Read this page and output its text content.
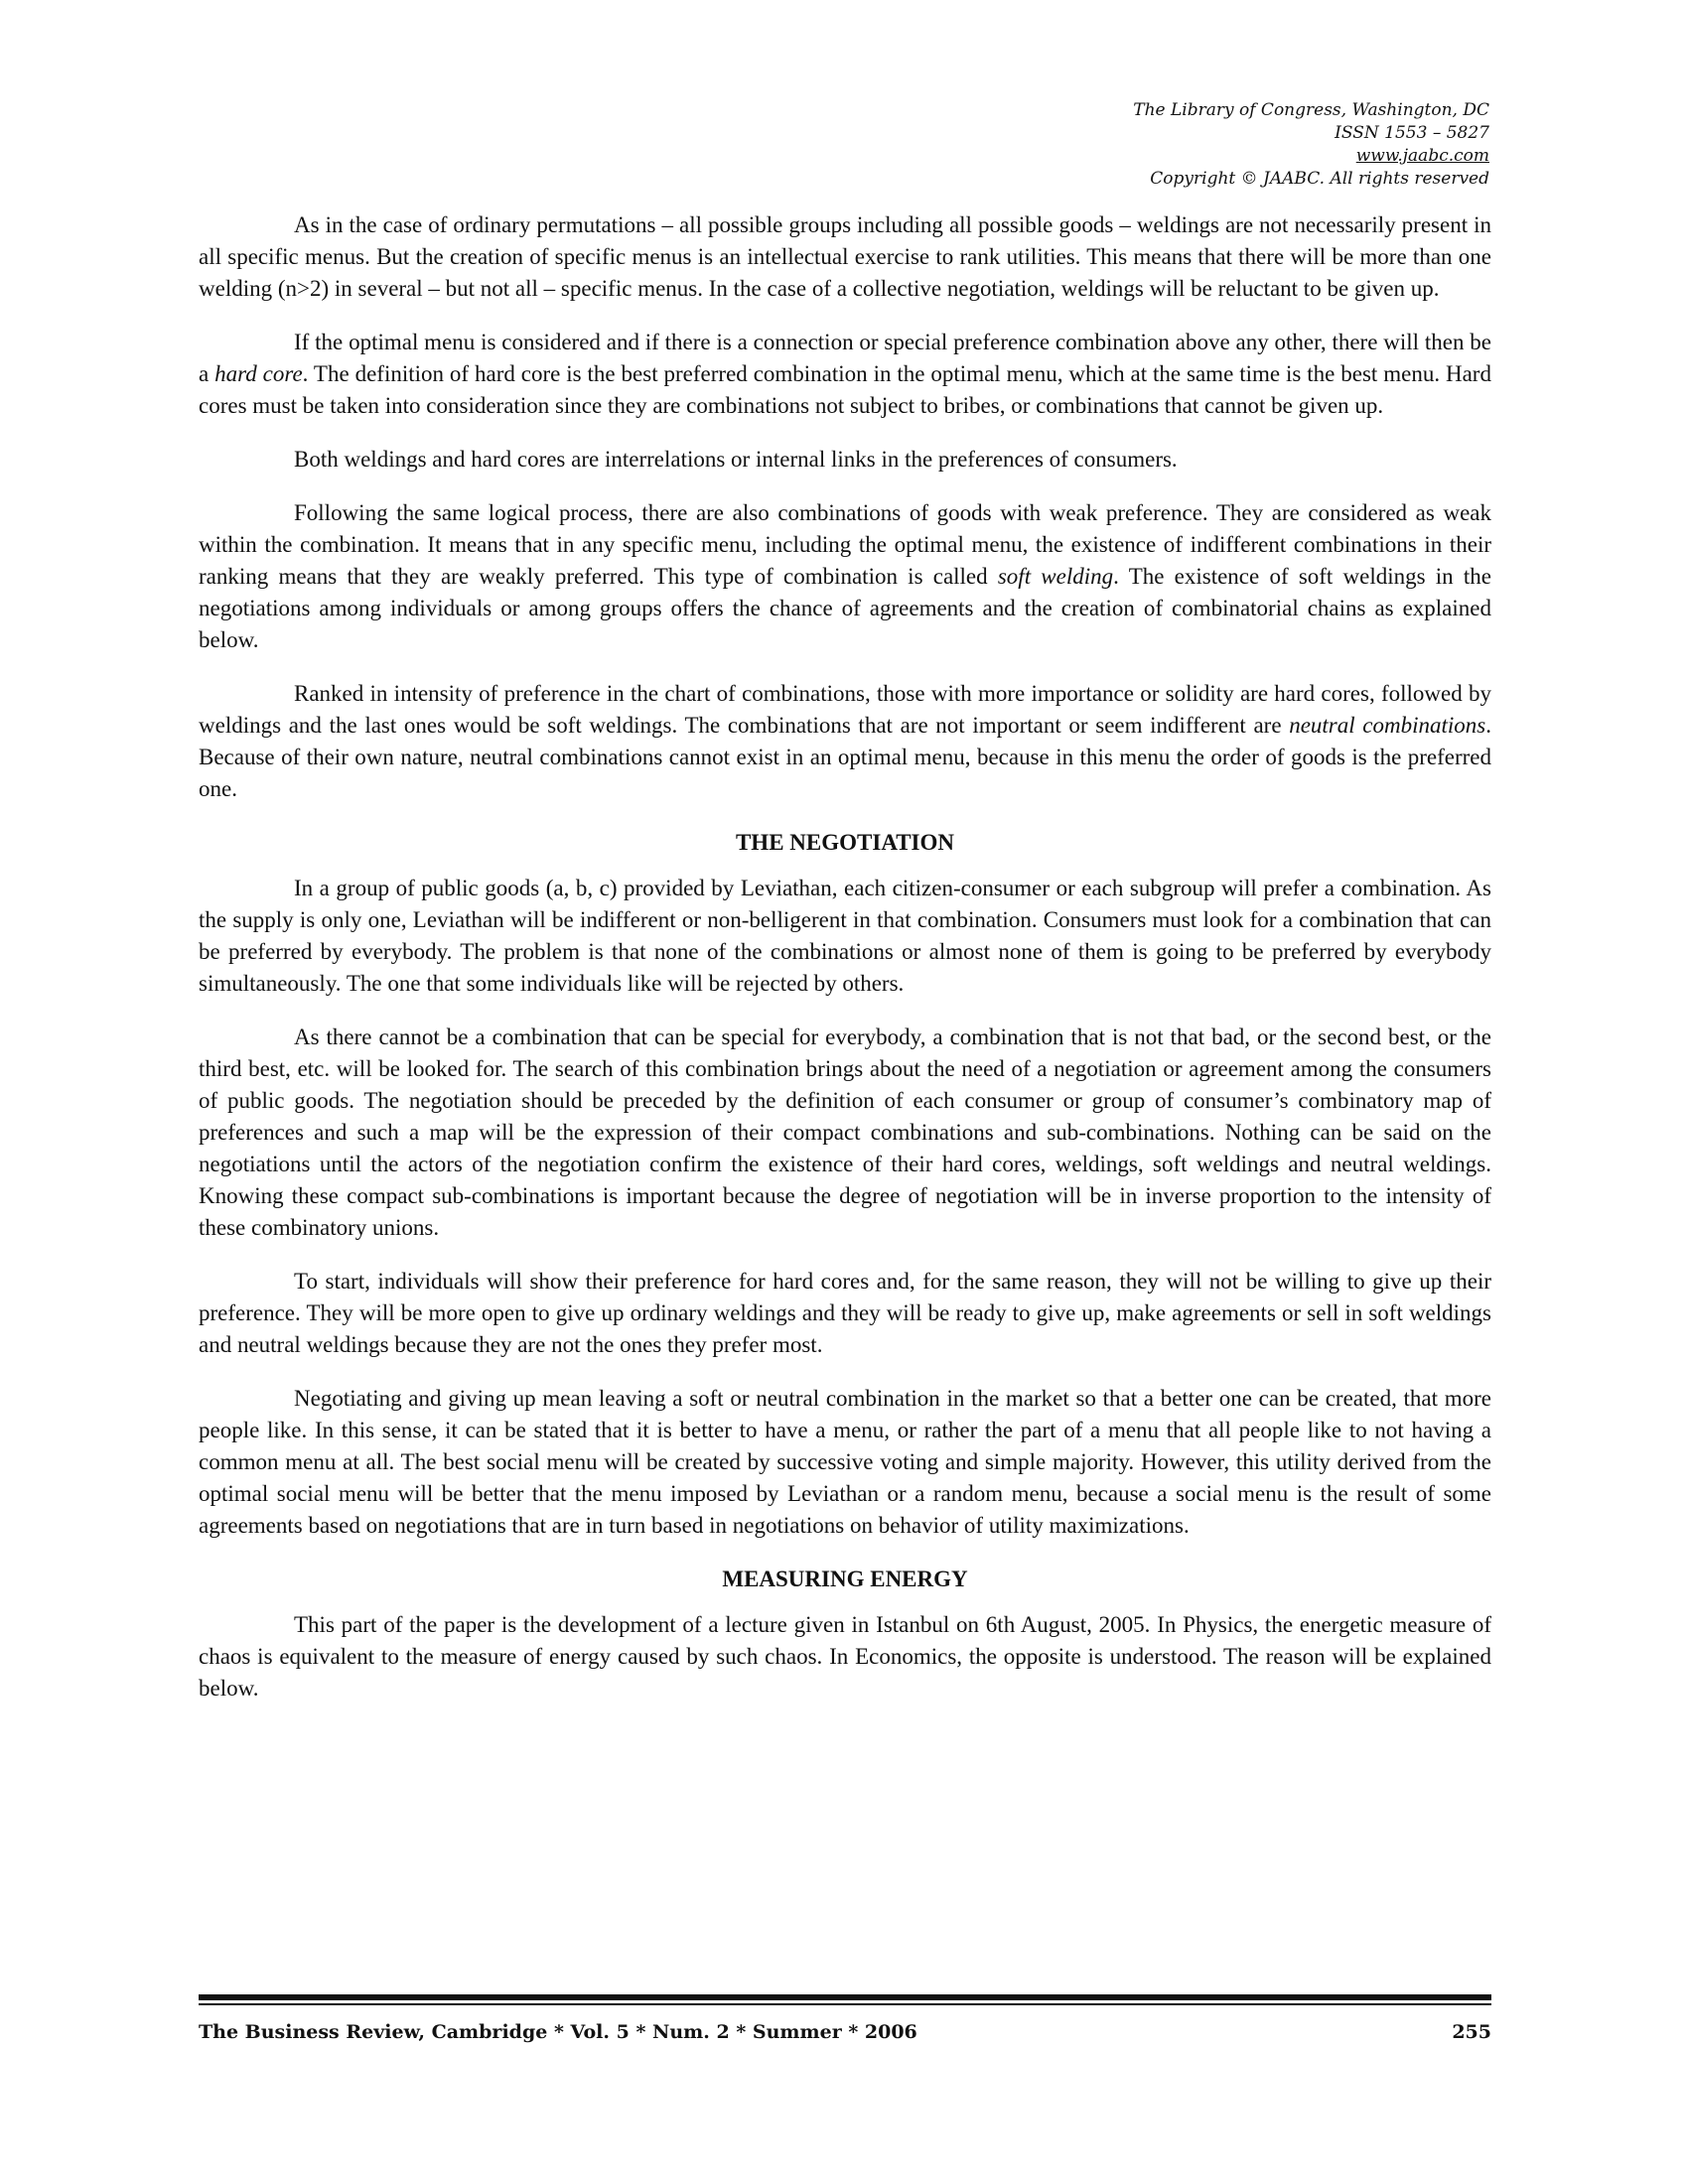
The Library of Congress, Washington, DC
ISSN 1553 – 5827
www.jaabc.com
Copyright © JAABC. All rights reserved

As in the case of ordinary permutations – all possible groups including all possible goods – weldings are not necessarily present in all specific menus. But the creation of specific menus is an intellectual exercise to rank utilities. This means that there will be more than one welding (n>2) in several – but not all – specific menus. In the case of a collective negotiation, weldings will be reluctant to be given up.

If the optimal menu is considered and if there is a connection or special preference combination above any other, there will then be a hard core. The definition of hard core is the best preferred combination in the optimal menu, which at the same time is the best menu. Hard cores must be taken into consideration since they are combinations not subject to bribes, or combinations that cannot be given up.

Both weldings and hard cores are interrelations or internal links in the preferences of consumers.

Following the same logical process, there are also combinations of goods with weak preference. They are considered as weak within the combination. It means that in any specific menu, including the optimal menu, the existence of indifferent combinations in their ranking means that they are weakly preferred. This type of combination is called soft welding. The existence of soft weldings in the negotiations among individuals or among groups offers the chance of agreements and the creation of combinatorial chains as explained below.

Ranked in intensity of preference in the chart of combinations, those with more importance or solidity are hard cores, followed by weldings and the last ones would be soft weldings. The combinations that are not important or seem indifferent are neutral combinations. Because of their own nature, neutral combinations cannot exist in an optimal menu, because in this menu the order of goods is the preferred one.

THE NEGOTIATION

In a group of public goods (a, b, c) provided by Leviathan, each citizen-consumer or each subgroup will prefer a combination. As the supply is only one, Leviathan will be indifferent or non-belligerent in that combination. Consumers must look for a combination that can be preferred by everybody. The problem is that none of the combinations or almost none of them is going to be preferred by everybody simultaneously. The one that some individuals like will be rejected by others.

As there cannot be a combination that can be special for everybody, a combination that is not that bad, or the second best, or the third best, etc. will be looked for. The search of this combination brings about the need of a negotiation or agreement among the consumers of public goods. The negotiation should be preceded by the definition of each consumer or group of consumer’s combinatory map of preferences and such a map will be the expression of their compact combinations and sub-combinations. Nothing can be said on the negotiations until the actors of the negotiation confirm the existence of their hard cores, weldings, soft weldings and neutral weldings. Knowing these compact sub-combinations is important because the degree of negotiation will be in inverse proportion to the intensity of these combinatory unions.

To start, individuals will show their preference for hard cores and, for the same reason, they will not be willing to give up their preference. They will be more open to give up ordinary weldings and they will be ready to give up, make agreements or sell in soft weldings and neutral weldings because they are not the ones they prefer most.

Negotiating and giving up mean leaving a soft or neutral combination in the market so that a better one can be created, that more people like. In this sense, it can be stated that it is better to have a menu, or rather the part of a menu that all people like to not having a common menu at all. The best social menu will be created by successive voting and simple majority. However, this utility derived from the optimal social menu will be better that the menu imposed by Leviathan or a random menu, because a social menu is the result of some agreements based on negotiations that are in turn based in negotiations on behavior of utility maximizations.

MEASURING ENERGY

This part of the paper is the development of a lecture given in Istanbul on 6th August, 2005. In Physics, the energetic measure of chaos is equivalent to the measure of energy caused by such chaos. In Economics, the opposite is understood. The reason will be explained below.

The Business Review, Cambridge * Vol. 5 * Num. 2 * Summer * 2006	255
